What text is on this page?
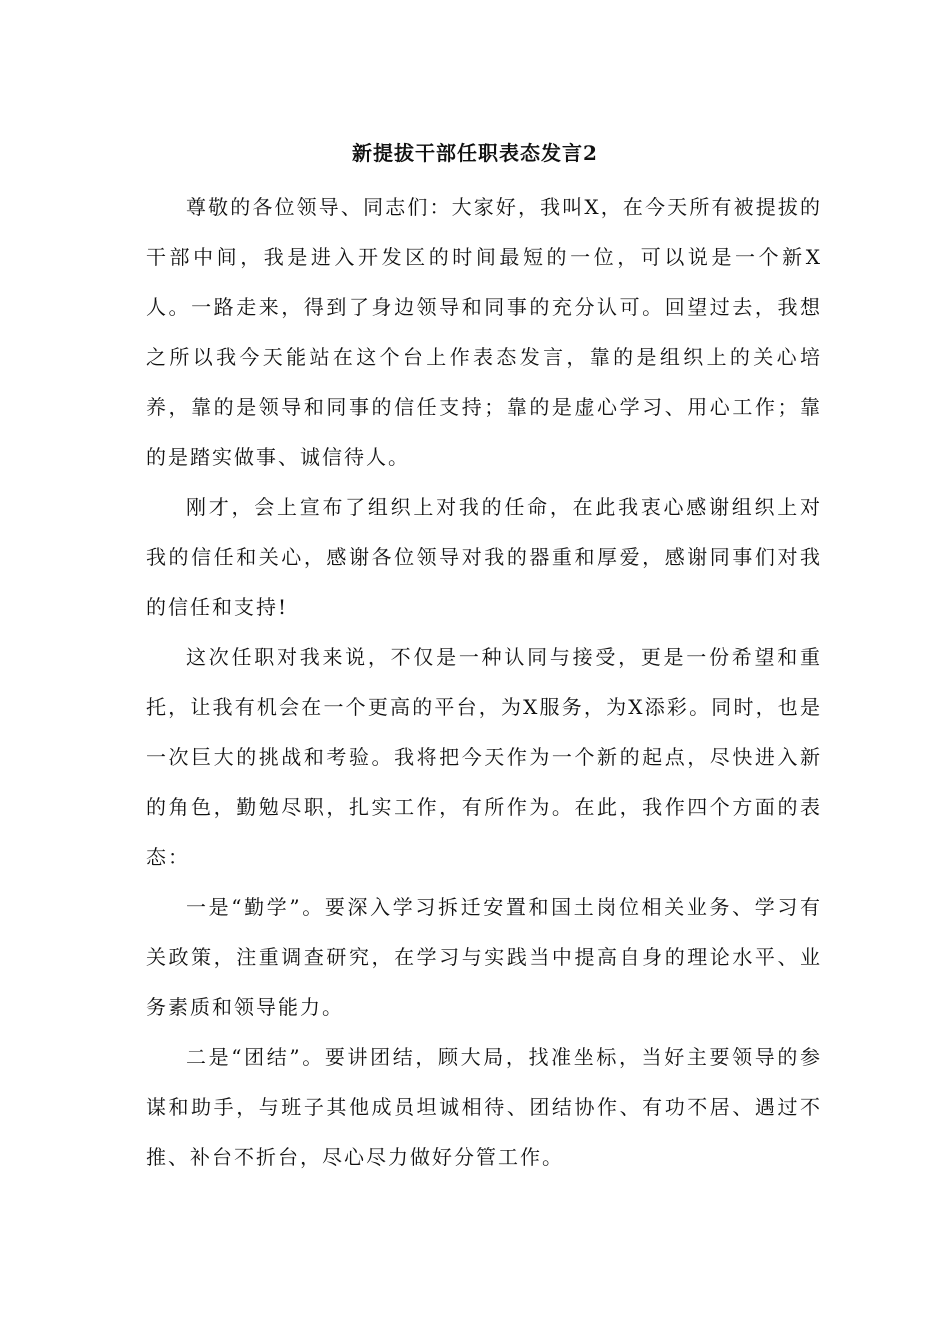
新提拔干部任职表态发言2

尊敬的各位领导、同志们：大家好，我叫X，在今天所有被提拔的干部中间，我是进入开发区的时间最短的一位，可以说是一个新X人。一路走来，得到了身边领导和同事的充分认可。回望过去，我想之所以我今天能站在这个台上作表态发言，靠的是组织上的关心培养，靠的是领导和同事的信任支持；靠的是虚心学习、用心工作；靠的是踏实做事、诚信待人。

刚才，会上宣布了组织上对我的任命，在此我衷心感谢组织上对我的信任和关心，感谢各位领导对我的器重和厚爱，感谢同事们对我的信任和支持!

这次任职对我来说，不仅是一种认同与接受，更是一份希望和重托，让我有机会在一个更高的平台，为X服务，为X添彩。同时，也是一次巨大的挑战和考验。我将把今天作为一个新的起点，尽快进入新的角色，勤勉尽职，扎实工作，有所作为。在此，我作四个方面的表态：

一是“勤学”。要深入学习拆迁安置和国土岗位相关业务、学习有关政策，注重调查研究，在学习与实践当中提高自身的理论水平、业务素质和领导能力。

二是“团结”。要讲团结，顾大局，找准坐标，当好主要领导的参谋和助手，与班子其他成员坦诚相待、团结协作、有功不居、遇过不推、补台不折台，尽心尽力做好分管工作。
